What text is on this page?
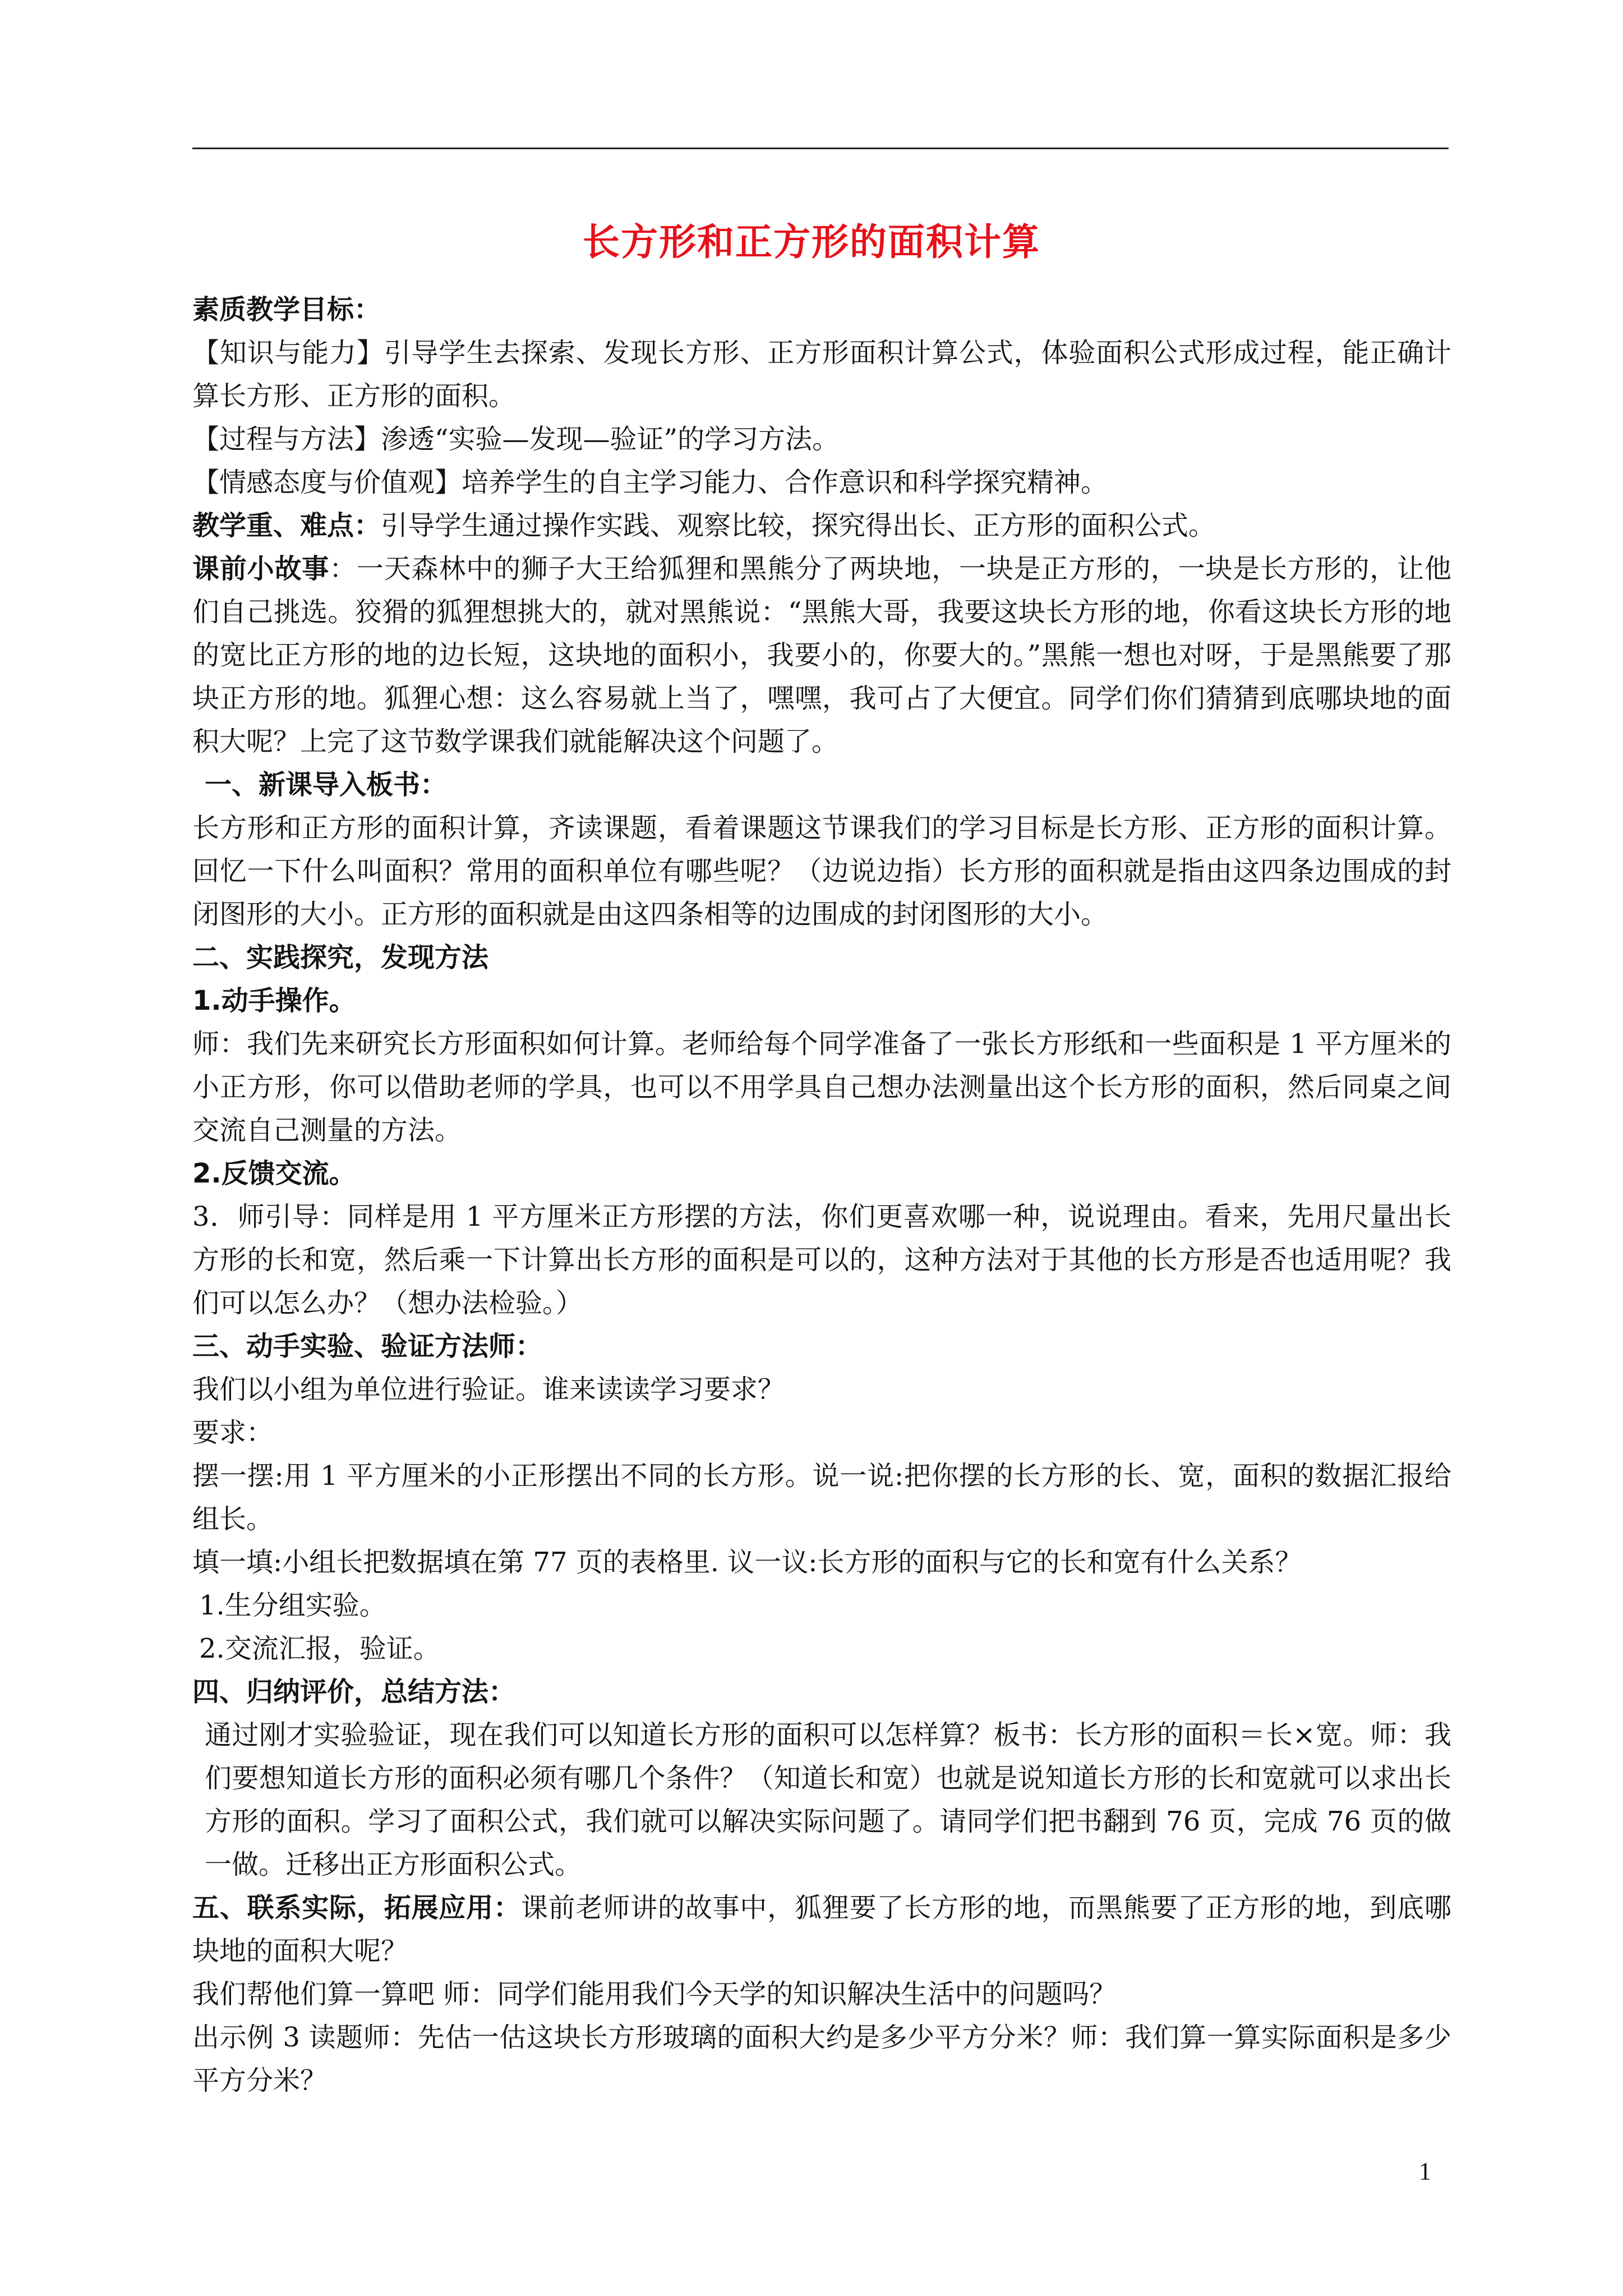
长方形和正方形的面积计算

素质教学目标：

【知识与能力】引导学生去探索、发现长方形、正方形面积计算公式，体验面积公式形成过程，能正确计算长方形、正方形的面积。

【过程与方法】渗透“实验—发现—验证”的学习方法。

【情感态度与价值观】培养学生的自主学习能力、合作意识和科学探究精神。

教学重、难点：引导学生通过操作实践、观察比较，探究得出长、正方形的面积公式。

课前小故事：一天森林中的狮子大王给狐狸和黑熊分了两块地，一块是正方形的，一块是长方形的，让他们自己挑选。狡猾的狐狸想挑大的，就对黑熊说：“黑熊大哥，我要这块长方形的地，你看这块长方形的地的宽比正方形的地的边长短，这块地的面积小，我要小的，你要大的。”黑熊一想也对呀，于是黑熊要了那块正方形的地。狐狸心想：这么容易就上当了，嘿嘿，我可占了大便宜。同学们你们猜猜到底哪块地的面积大呢？上完了这节数学课我们就能解决这个问题了。

一、新课导入板书：

长方形和正方形的面积计算，齐读课题，看着课题这节课我们的学习目标是长方形、正方形的面积计算。回忆一下什么叫面积？常用的面积单位有哪些呢？（边说边指）长方形的面积就是指由这四条边围成的封闭图形的大小。正方形的面积就是由这四条相等的边围成的封闭图形的大小。

二、实践探究，发现方法

1.动手操作。

师：我们先来研究长方形面积如何计算。老师给每个同学准备了一张长方形纸和一些面积是 1 平方厘米的小正方形，你可以借助老师的学具，也可以不用学具自己想办法测量出这个长方形的面积，然后同桌之间交流自己测量的方法。

2.反馈交流。

3．师引导：同样是用 1 平方厘米正方形摆的方法，你们更喜欢哪一种，说说理由。看来，先用尺量出长方形的长和宽，然后乘一下计算出长方形的面积是可以的，这种方法对于其他的长方形是否也适用呢？我们可以怎么办？（想办法检验。）

三、动手实验、验证方法师：

我们以小组为单位进行验证。谁来读读学习要求？

要求：

摆一摆:用 1 平方厘米的小正形摆出不同的长方形。说一说:把你摆的长方形的长、宽，面积的数据汇报给组长。

填一填:小组长把数据填在第 77 页的表格里. 议一议:长方形的面积与它的长和宽有什么关系？

1.生分组实验。

2.交流汇报，验证。

四、归纳评价，总结方法：

通过刚才实验验证，现在我们可以知道长方形的面积可以怎样算？板书：长方形的面积＝长×宽。师：我们要想知道长方形的面积必须有哪几个条件？（知道长和宽）也就是说知道长方形的长和宽就可以求出长方形的面积。学习了面积公式，我们就可以解决实际问题了。请同学们把书翻到 76 页，完成 76 页的做一做。迁移出正方形面积公式。

五、联系实际，拓展应用：课前老师讲的故事中，狐狸要了长方形的地，而黑熊要了正方形的地，到底哪块地的面积大呢？

我们帮他们算一算吧 师：同学们能用我们今天学的知识解决生活中的问题吗？

出示例 3 读题师：先估一估这块长方形玻璃的面积大约是多少平方分米？师：我们算一算实际面积是多少平方分米？

1
